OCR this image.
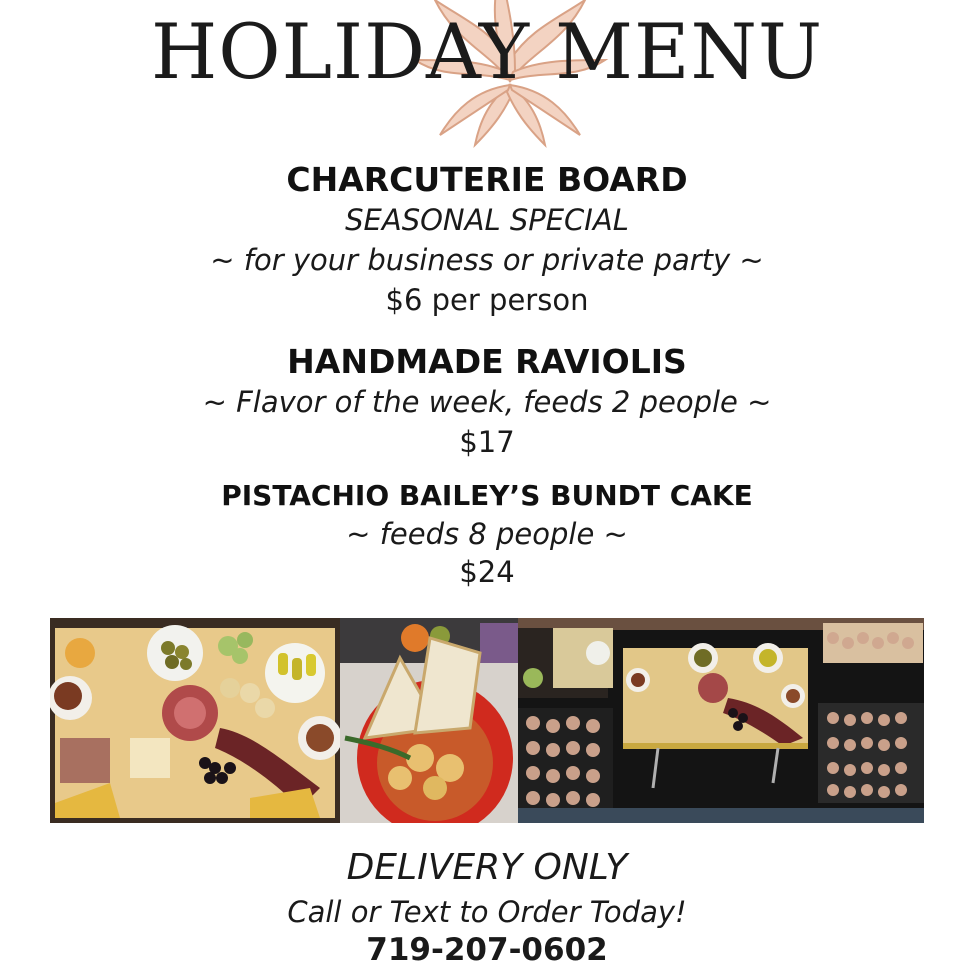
HOLIDAY MENU
CHARCUTERIE BOARD
SEASONAL SPECIAL
~ for your business or private party ~
$6 per person
HANDMADE RAVIOLIS
~ Flavor of the week, feeds 2 people ~
$17
PISTACHIO BAILEY’S BUNDT CAKE
~ feeds 8 people ~
$24
DELIVERY ONLY
Call or Text to Order Today!
719-207-0602
